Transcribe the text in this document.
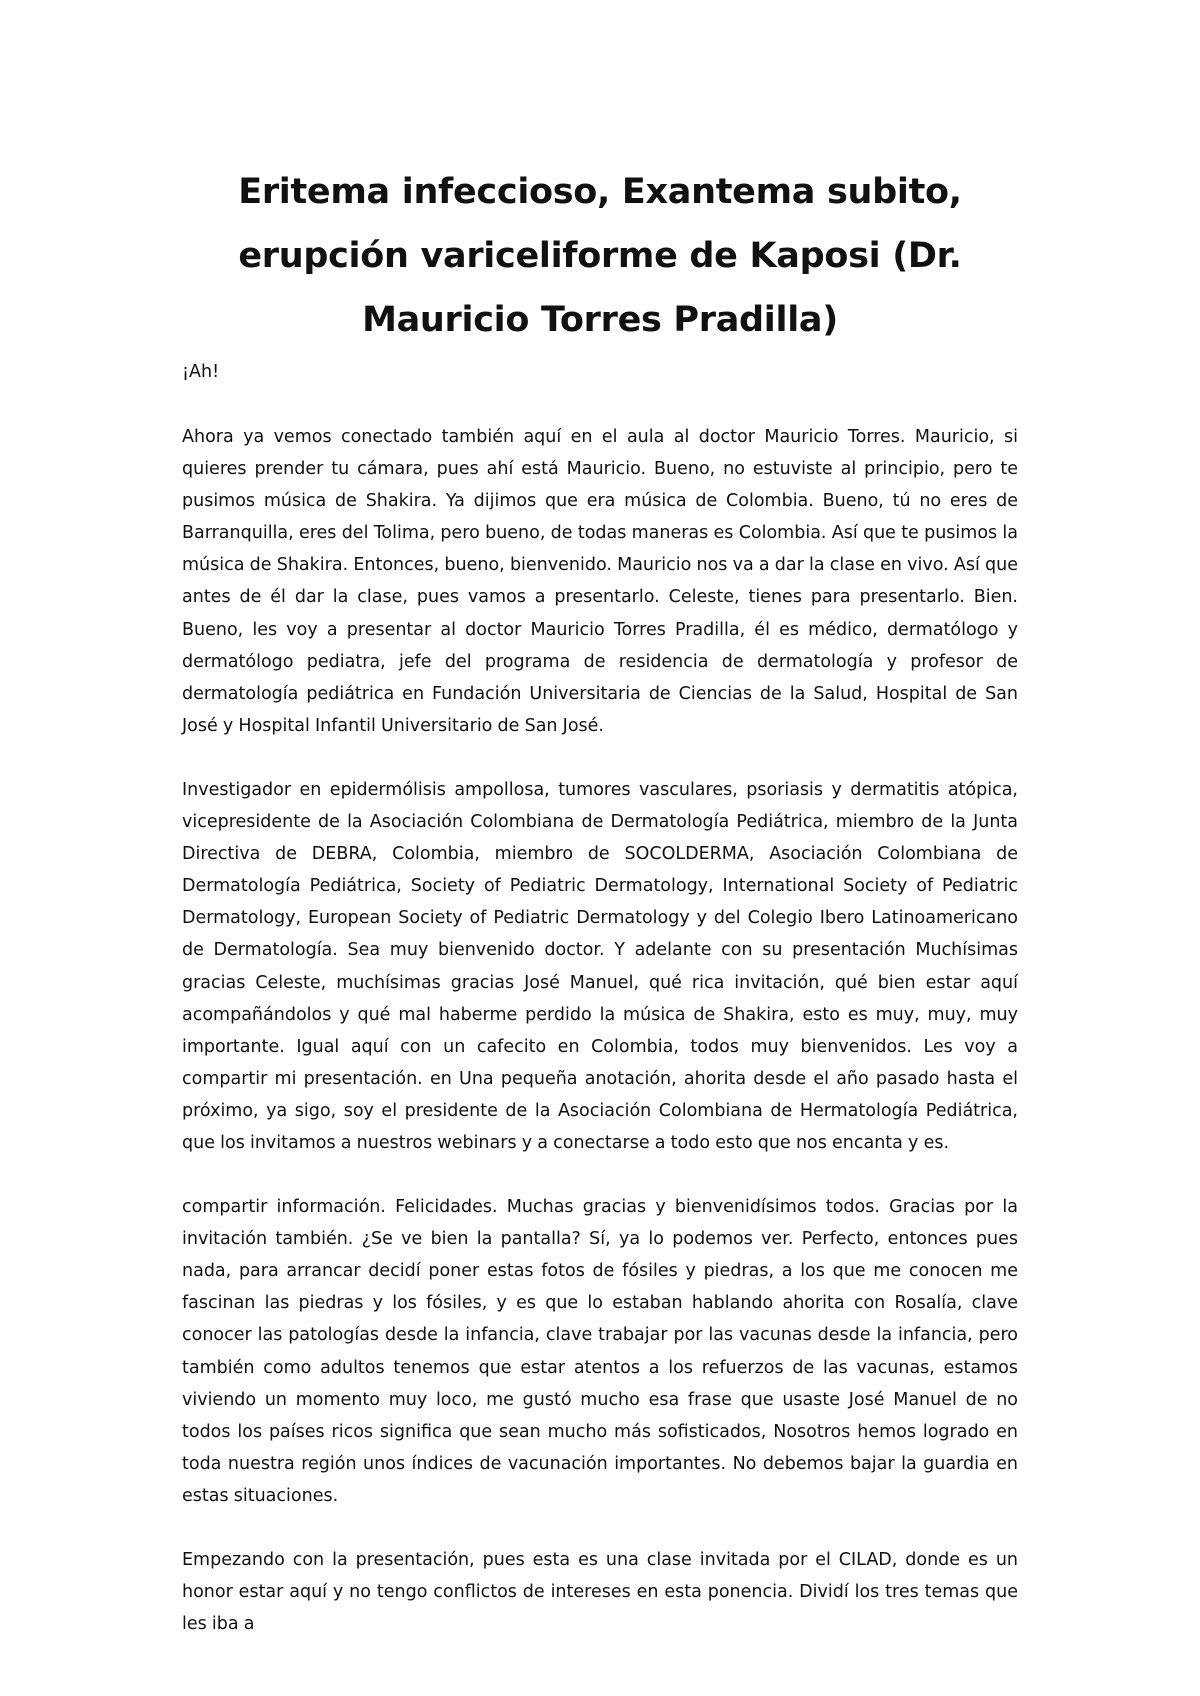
Eritema infeccioso, Exantema subito, erupción variceliforme de Kaposi (Dr. Mauricio Torres Pradilla)

¡Ah!

Ahora ya vemos conectado también aquí en el aula al doctor Mauricio Torres. Mauricio, si quieres prender tu cámara, pues ahí está Mauricio. Bueno, no estuviste al principio, pero te pusimos música de Shakira. Ya dijimos que era música de Colombia. Bueno, tú no eres de Barranquilla, eres del Tolima, pero bueno, de todas maneras es Colombia. Así que te pusimos la música de Shakira. Entonces, bueno, bienvenido. Mauricio nos va a dar la clase en vivo. Así que antes de él dar la clase, pues vamos a presentarlo. Celeste, tienes para presentarlo. Bien. Bueno, les voy a presentar al doctor Mauricio Torres Pradilla, él es médico, dermatólogo y dermatólogo pediatra, jefe del programa de residencia de dermatología y profesor de dermatología pediátrica en Fundación Universitaria de Ciencias de la Salud, Hospital de San José y Hospital Infantil Universitario de San José.

Investigador en epidermólisis ampollosa, tumores vasculares, psoriasis y dermatitis atópica, vicepresidente de la Asociación Colombiana de Dermatología Pediátrica, miembro de la Junta Directiva de DEBRA, Colombia, miembro de SOCOLDERMA, Asociación Colombiana de Dermatología Pediátrica, Society of Pediatric Dermatology, International Society of Pediatric Dermatology, European Society of Pediatric Dermatology y del Colegio Ibero Latinoamericano de Dermatología. Sea muy bienvenido doctor. Y adelante con su presentación Muchísimas gracias Celeste, muchísimas gracias José Manuel, qué rica invitación, qué bien estar aquí acompañándolos y qué mal haberme perdido la música de Shakira, esto es muy, muy, muy importante. Igual aquí con un cafecito en Colombia, todos muy bienvenidos. Les voy a compartir mi presentación. en Una pequeña anotación, ahorita desde el año pasado hasta el próximo, ya sigo, soy el presidente de la Asociación Colombiana de Hermatología Pediátrica, que los invitamos a nuestros webinars y a conectarse a todo esto que nos encanta y es.

compartir información. Felicidades. Muchas gracias y bienvenidísimos todos. Gracias por la invitación también. ¿Se ve bien la pantalla? Sí, ya lo podemos ver. Perfecto, entonces pues nada, para arrancar decidí poner estas fotos de fósiles y piedras, a los que me conocen me fascinan las piedras y los fósiles, y es que lo estaban hablando ahorita con Rosalía, clave conocer las patologías desde la infancia, clave trabajar por las vacunas desde la infancia, pero también como adultos tenemos que estar atentos a los refuerzos de las vacunas, estamos viviendo un momento muy loco, me gustó mucho esa frase que usaste José Manuel de no todos los países ricos significa que sean mucho más sofisticados, Nosotros hemos logrado en toda nuestra región unos índices de vacunación importantes. No debemos bajar la guardia en estas situaciones.

Empezando con la presentación, pues esta es una clase invitada por el CILAD, donde es un honor estar aquí y no tengo conflictos de intereses en esta ponencia. Dividí los tres temas que les iba a
